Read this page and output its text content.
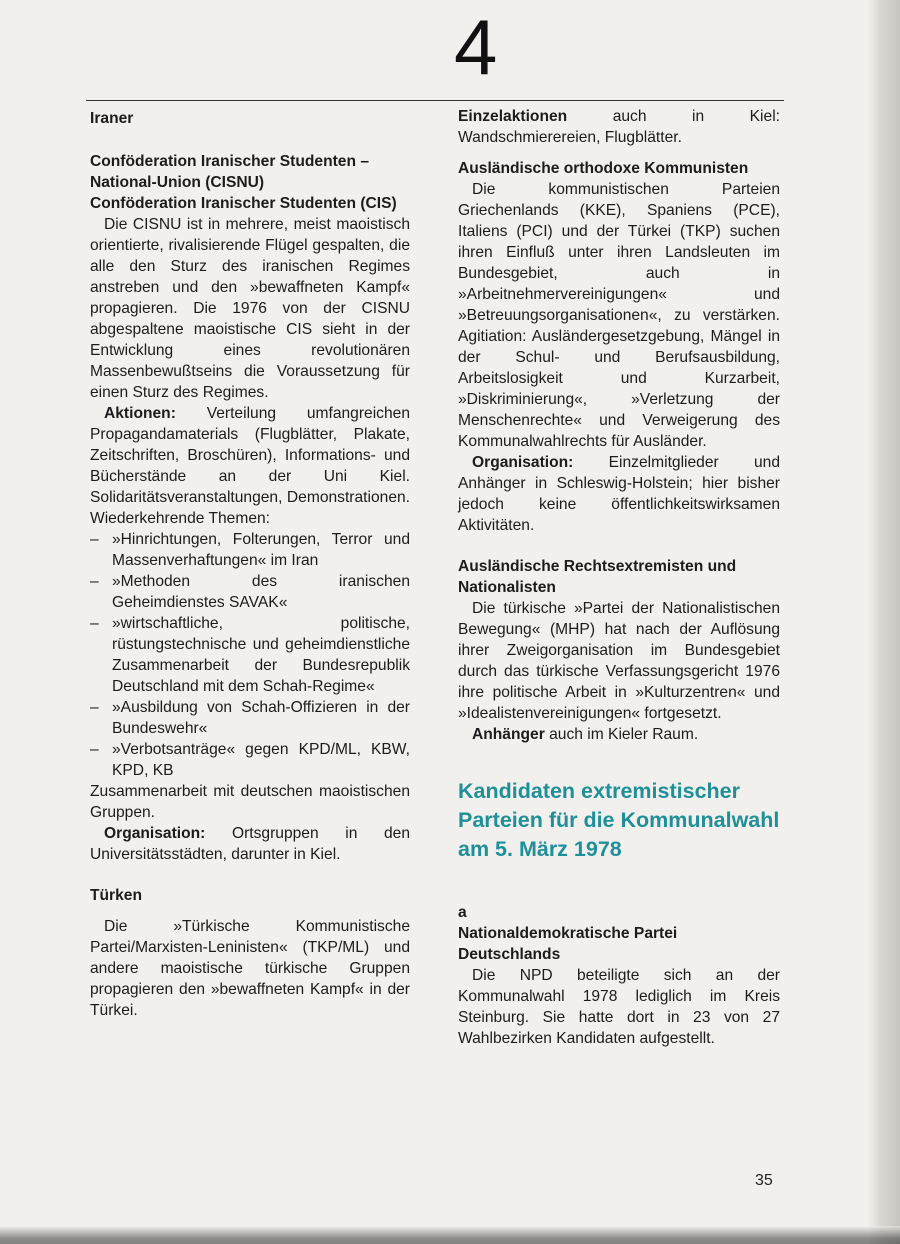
4
Iraner
Conföderation Iranischer Studenten – National-Union (CISNU)
Conföderation Iranischer Studenten (CIS)

Die CISNU ist in mehrere, meist maoistisch orientierte, rivalisierende Flügel gespalten, die alle den Sturz des iranischen Regimes anstreben und den »bewaffneten Kampf« propagieren. Die 1976 von der CISNU abgespaltene maoistische CIS sieht in der Entwicklung eines revolutionären Massenbewußtseins die Voraussetzung für einen Sturz des Regimes.

Aktionen: Verteilung umfangreichen Propagandamaterials (Flugblätter, Plakate, Zeitschriften, Broschüren), Informations- und Bücherstände an der Uni Kiel. Solidaritätsveranstaltungen, Demonstrationen. Wiederkehrende Themen:

– »Hinrichtungen, Folterungen, Terror und Massenverhaftungen« im Iran
– »Methoden des iranischen Geheimdienstes SAVAK«
– »wirtschaftliche, politische, rüstungstechnische und geheimdienstliche Zusammenarbeit der Bundesrepublik Deutschland mit dem Schah-Regime«
– »Ausbildung von Schah-Offizieren in der Bundeswehr«
– »Verbotsanträge« gegen KPD/ML, KBW, KPD, KB

Zusammenarbeit mit deutschen maoistischen Gruppen.

Organisation: Ortsgruppen in den Universitätsstädten, darunter in Kiel.

Türken

Die »Türkische Kommunistische Partei/Marxisten-Leninisten« (TKP/ML) und andere maoistische türkische Gruppen propagieren den »bewaffneten Kampf« in der Türkei.

Einzelaktionen auch in Kiel: Wandschmierereien, Flugblätter.

Ausländische orthodoxe Kommunisten

Die kommunistischen Parteien Griechenlands (KKE), Spaniens (PCE), Italiens (PCI) und der Türkei (TKP) suchen ihren Einfluß unter ihren Landsleuten im Bundesgebiet, auch in »Arbeitnehmervereinigungen« und »Betreuungsorganisationen«, zu verstärken. Agitiation: Ausländergesetzgebung, Mängel in der Schul- und Berufsausbildung, Arbeitslosigkeit und Kurzarbeit, »Diskriminierung«, »Verletzung der Menschenrechte« und Verweigerung des Kommunalwahlrechts für Ausländer.

Organisation: Einzelmitglieder und Anhänger in Schleswig-Holstein; hier bisher jedoch keine öffentlichkeitswirksamen Aktivitäten.

Ausländische Rechtsextremisten und Nationalisten

Die türkische »Partei der Nationalistischen Bewegung« (MHP) hat nach der Auflösung ihrer Zweigorganisation im Bundesgebiet durch das türkische Verfassungsgericht 1976 ihre politische Arbeit in »Kulturzentren« und »Idealistenvereinigungen« fortgesetzt.

Anhänger auch im Kieler Raum.

Kandidaten extremistischer Parteien für die Kommunalwahl am 5. März 1978
a
Nationaldemokratische Partei Deutschlands

Die NPD beteiligte sich an der Kommunalwahl 1978 lediglich im Kreis Steinburg. Sie hatte dort in 23 von 27 Wahlbezirken Kandidaten aufgestellt.

35
